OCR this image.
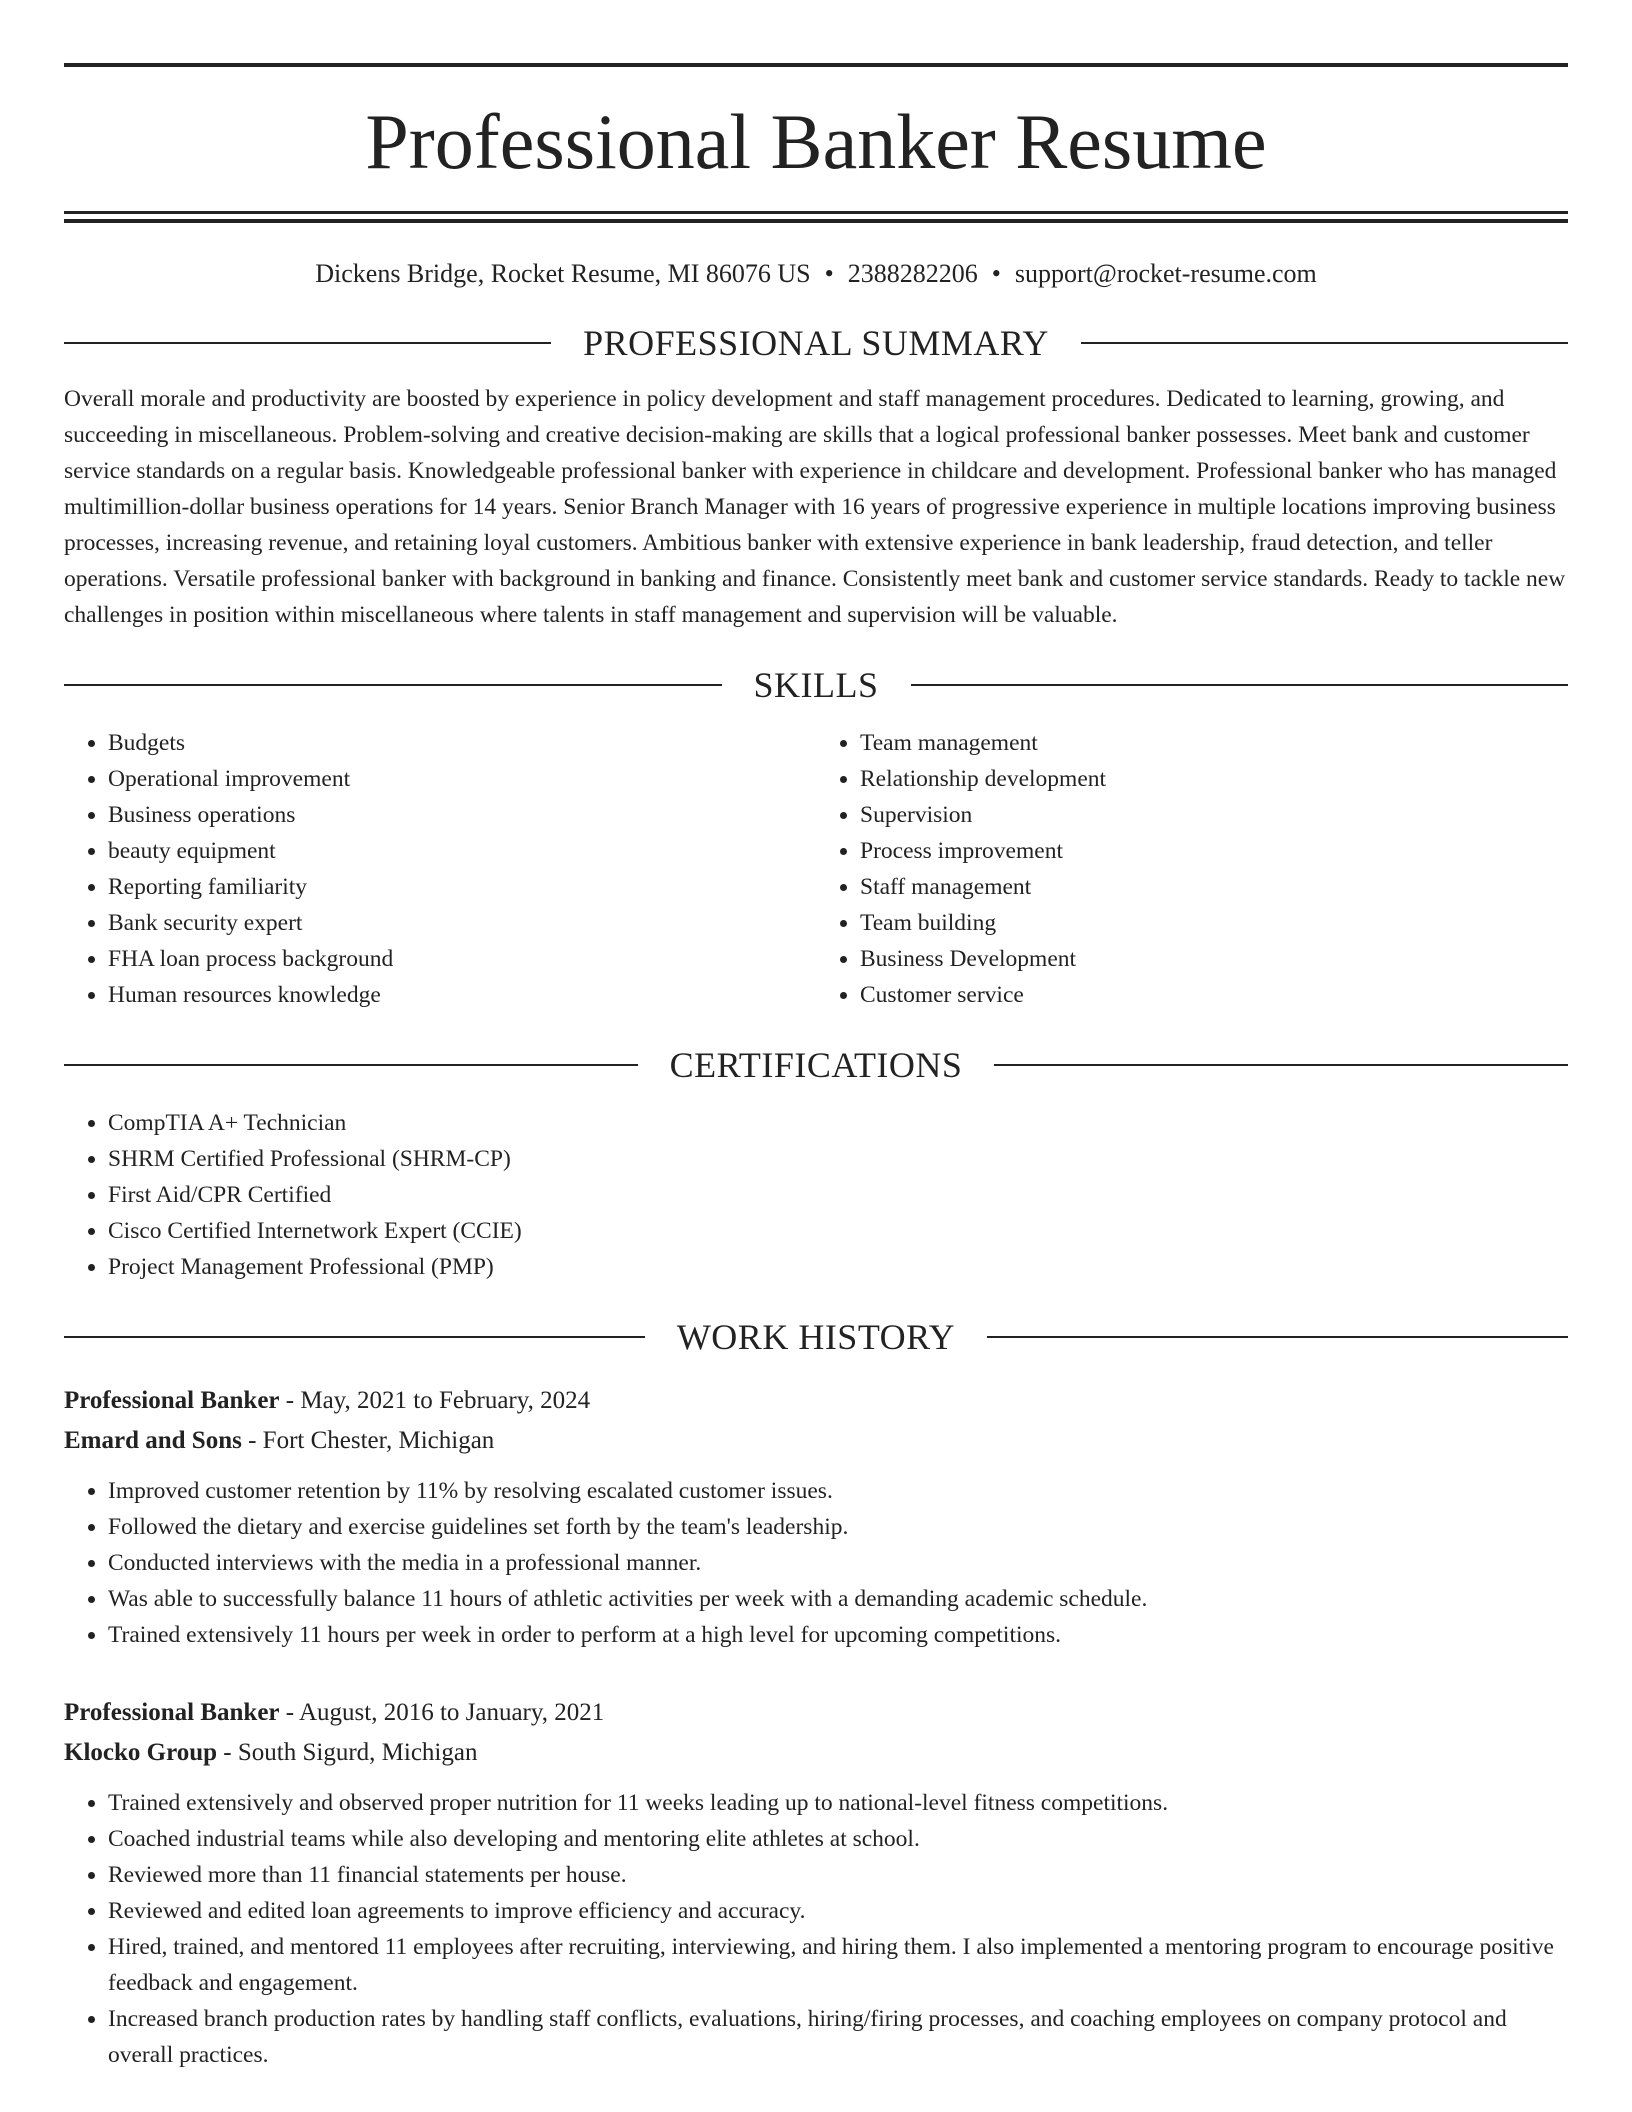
Professional Banker Resume
Dickens Bridge, Rocket Resume, MI 86076 US • 2388282206 • support@rocket-resume.com
PROFESSIONAL SUMMARY
Overall morale and productivity are boosted by experience in policy development and staff management procedures. Dedicated to learning, growing, and succeeding in miscellaneous. Problem-solving and creative decision-making are skills that a logical professional banker possesses. Meet bank and customer service standards on a regular basis. Knowledgeable professional banker with experience in childcare and development. Professional banker who has managed multimillion-dollar business operations for 14 years. Senior Branch Manager with 16 years of progressive experience in multiple locations improving business processes, increasing revenue, and retaining loyal customers. Ambitious banker with extensive experience in bank leadership, fraud detection, and teller operations. Versatile professional banker with background in banking and finance. Consistently meet bank and customer service standards. Ready to tackle new challenges in position within miscellaneous where talents in staff management and supervision will be valuable.
SKILLS
• Budgets
• Operational improvement
• Business operations
• beauty equipment
• Reporting familiarity
• Bank security expert
• FHA loan process background
• Human resources knowledge
• Team management
• Relationship development
• Supervision
• Process improvement
• Staff management
• Team building
• Business Development
• Customer service
CERTIFICATIONS
• CompTIA A+ Technician
• SHRM Certified Professional (SHRM-CP)
• First Aid/CPR Certified
• Cisco Certified Internetwork Expert (CCIE)
• Project Management Professional (PMP)
WORK HISTORY
Professional Banker - May, 2021 to February, 2024
Emard and Sons - Fort Chester, Michigan
• Improved customer retention by 11% by resolving escalated customer issues.
• Followed the dietary and exercise guidelines set forth by the team's leadership.
• Conducted interviews with the media in a professional manner.
• Was able to successfully balance 11 hours of athletic activities per week with a demanding academic schedule.
• Trained extensively 11 hours per week in order to perform at a high level for upcoming competitions.
Professional Banker - August, 2016 to January, 2021
Klocko Group - South Sigurd, Michigan
• Trained extensively and observed proper nutrition for 11 weeks leading up to national-level fitness competitions.
• Coached industrial teams while also developing and mentoring elite athletes at school.
• Reviewed more than 11 financial statements per house.
• Reviewed and edited loan agreements to improve efficiency and accuracy.
• Hired, trained, and mentored 11 employees after recruiting, interviewing, and hiring them. I also implemented a mentoring program to encourage positive feedback and engagement.
• Increased branch production rates by handling staff conflicts, evaluations, hiring/firing processes, and coaching employees on company protocol and overall practices.
